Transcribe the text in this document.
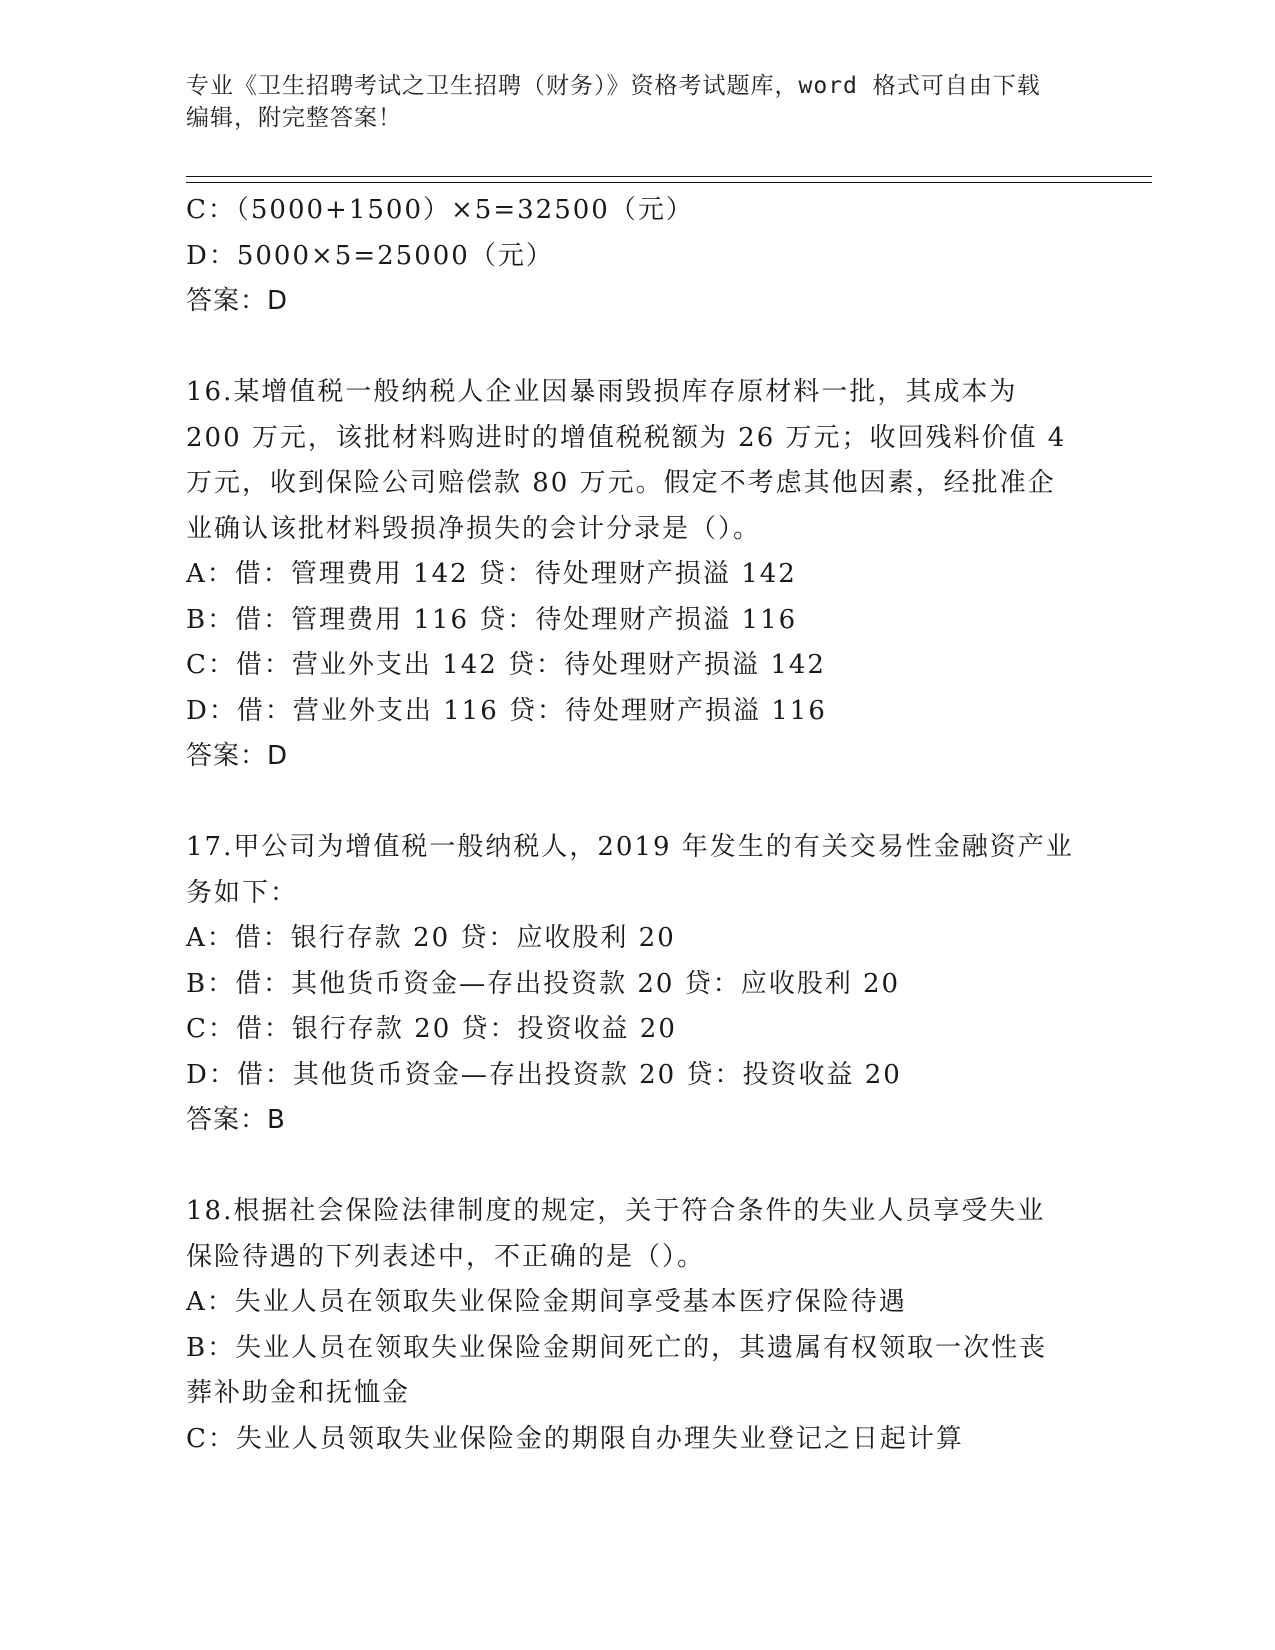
专业《卫生招聘考试之卫生招聘（财务）》资格考试题库，word 格式可自由下载
编辑，附完整答案！
C：（5000+1500）×5=32500（元）
D：5000×5=25000（元）
答案：D
16.某增值税一般纳税人企业因暴雨毁损库存原材料一批，其成本为
200 万元，该批材料购进时的增值税税额为 26 万元；收回残料价值 4
万元，收到保险公司赔偿款 80 万元。假定不考虑其他因素，经批准企
业确认该批材料毁损净损失的会计分录是（）。
A：借：管理费用 142 贷：待处理财产损溢 142
B：借：管理费用 116 贷：待处理财产损溢 116
C：借：营业外支出 142 贷：待处理财产损溢 142
D：借：营业外支出 116 贷：待处理财产损溢 116
答案：D
17.甲公司为增值税一般纳税人，2019 年发生的有关交易性金融资产业
务如下：
A：借：银行存款 20 贷：应收股利 20
B：借：其他货币资金—存出投资款 20 贷：应收股利 20
C：借：银行存款 20 贷：投资收益 20
D：借：其他货币资金—存出投资款 20 贷：投资收益 20
答案：B
18.根据社会保险法律制度的规定，关于符合条件的失业人员享受失业
保险待遇的下列表述中，不正确的是（）。
A：失业人员在领取失业保险金期间享受基本医疗保险待遇
B：失业人员在领取失业保险金期间死亡的，其遗属有权领取一次性丧
葬补助金和抚恤金
C：失业人员领取失业保险金的期限自办理失业登记之日起计算
